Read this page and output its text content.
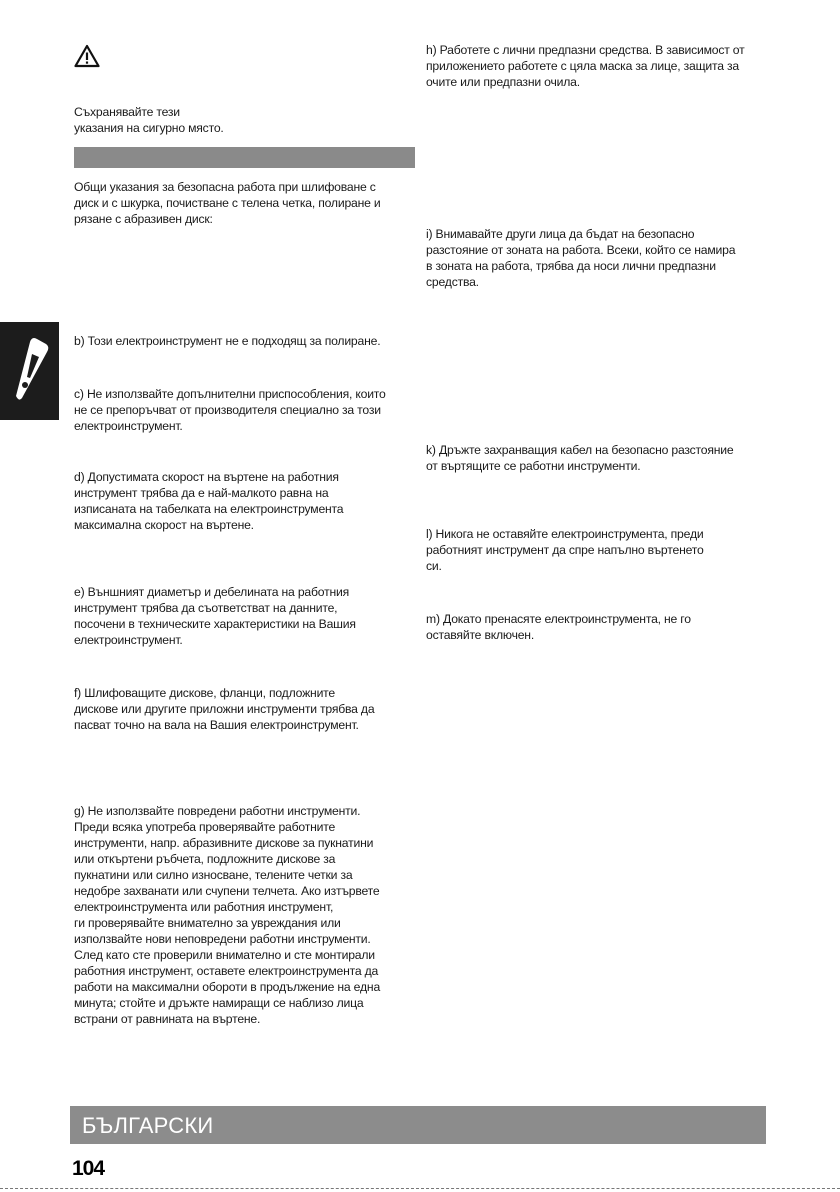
Съхранявайте тези
указания на сигурно място.

Общи указания за безопасна работа при шлифоване с
диск и с шкурка, почистване с телена четка, полиране и
рязане с абразивен диск:

b) Този електроинструмент не е подходящ за полиране.

c) Не използвайте допълнителни приспособления, които
не се препоръчват от производителя специално за този
електроинструмент.

d) Допустимата скорост на въртене на работния
инструмент трябва да е най-малкото равна на
изписаната на табелката на електроинструмента
максимална скорост на въртене.

e) Външният диаметър и дебелината на работния
инструмент трябва да съответстват на данните,
посочени в техническите характеристики на Вашия
електроинструмент.

f) Шлифоващите дискове, фланци, подложните
дискове или другите приложни инструменти трябва да
пасват точно на вала на Вашия електроинструмент.

g) Не използвайте повредени работни инструменти.
Преди всяка употреба проверявайте работните
инструменти, напр. абразивните дискове за пукнатини
или откъртени ръбчета, подложните дискове за
пукнатини или силно износване, телените четки за
недобре захванати или счупени телчета. Ако изтървете
електроинструмента или работния инструмент,
ги проверявайте внимателно за увреждания или
използвайте нови неповредени работни инструменти.
След като сте проверили внимателно и сте монтирали
работния инструмент, оставете електроинструмента да
работи на максимални обороти в продължение на една
минута; стойте и дръжте намиращи се наблизо лица
встрани от равнината на въртене.

h) Работете с лични предпазни средства. В зависимост от
приложението работете с цяла маска за лице, защита за
очите или предпазни очила.

i) Внимавайте други лица да бъдат на безопасно
разстояние от зоната на работа. Всеки, който се намира
в зоната на работа, трябва да носи лични предпазни
средства.

k) Дръжте захранващия кабел на безопасно разстояние
от въртящите се работни инструменти.

l) Никога не оставяйте електроинструмента, преди
работният инструмент да спре напълно въртенето
си.

m) Докато пренасяте електроинструмента, не го
оставяйте включен.

БЪЛГАРСКИ
104
